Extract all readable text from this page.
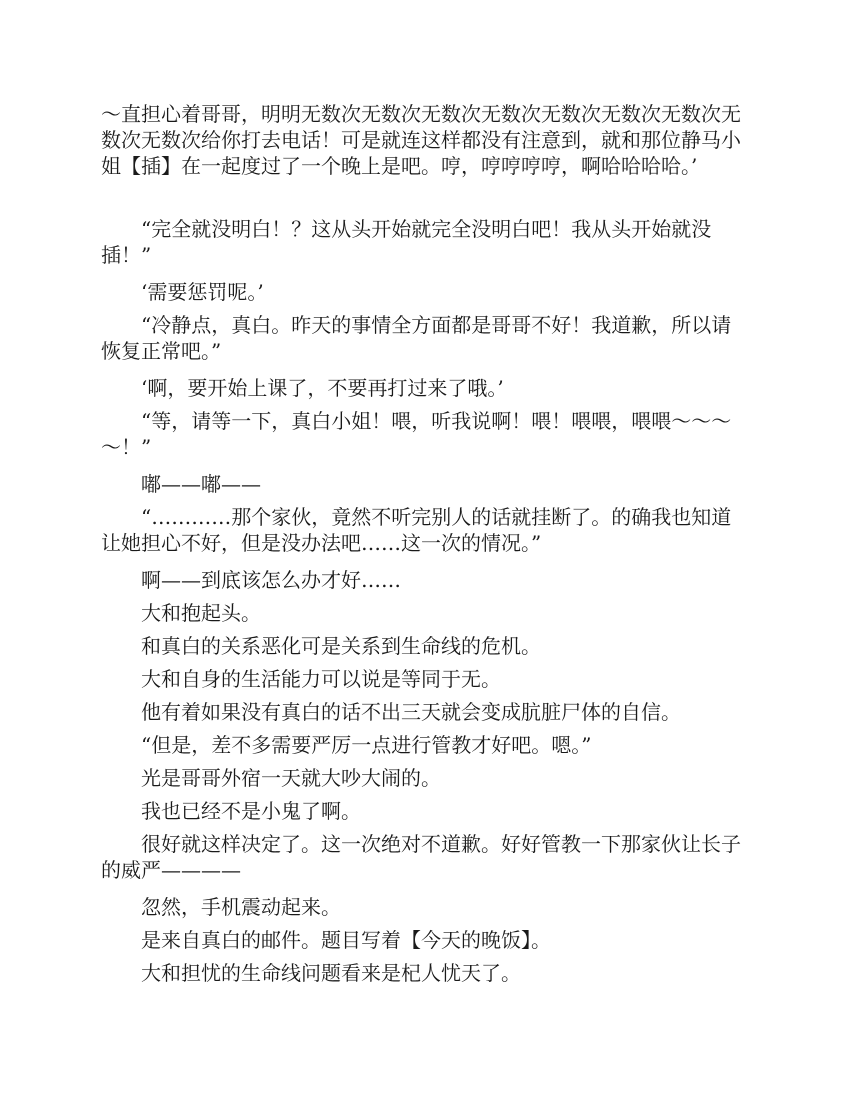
～直担心着哥哥，明明无数次无数次无数次无数次无数次无数次无数次无数次无数次给你打去电话！可是就连这样都没有注意到，就和那位静马小姐【插】在一起度过了一个晚上是吧。哼，哼哼哼哼，啊哈哈哈哈。’

“完全就没明白！？这从头开始就完全没明白吧！我从头开始就没插！”

‘需要惩罚呢。’

“冷静点，真白。昨天的事情全方面都是哥哥不好！我道歉，所以请恢复正常吧。”

‘啊，要开始上课了，不要再打过来了哦。’

“等，请等一下，真白小姐！喂，听我说啊！喂！喂喂，喂喂～～～～！”

嘟——嘟——

“…………那个家伙，竟然不听完别人的话就挂断了。的确我也知道让她担心不好，但是没办法吧……这一次的情况。”

啊——到底该怎么办才好……

大和抱起头。

和真白的关系恶化可是关系到生命线的危机。

大和自身的生活能力可以说是等同于无。

他有着如果没有真白的话不出三天就会变成肮脏尸体的自信。

“但是，差不多需要严厉一点进行管教才好吧。嗯。”

光是哥哥外宿一天就大吵大闹的。

我也已经不是小鬼了啊。

很好就这样决定了。这一次绝对不道歉。好好管教一下那家伙让长子的威严————

忽然，手机震动起来。

是来自真白的邮件。题目写着【今天的晚饭】。

大和担忧的生命线问题看来是杞人忧天了。
